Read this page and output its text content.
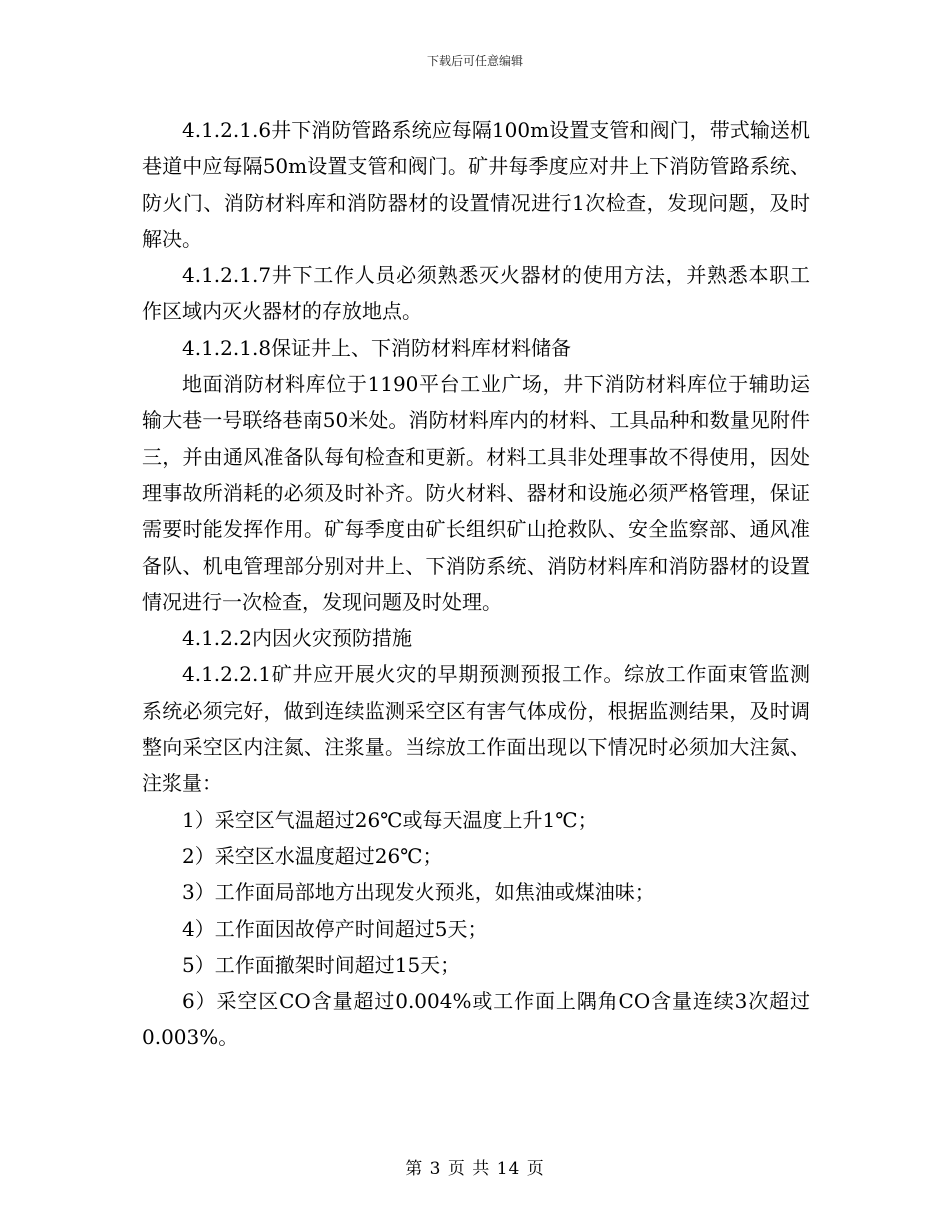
下载后可任意编辑

4.1.2.1.6井下消防管路系统应每隔100m设置支管和阀门，带式输送机巷道中应每隔50m设置支管和阀门。矿井每季度应对井上下消防管路系统、防火门、消防材料库和消防器材的设置情况进行1次检查，发现问题，及时解决。

4.1.2.1.7井下工作人员必须熟悉灭火器材的使用方法，并熟悉本职工作区域内灭火器材的存放地点。

4.1.2.1.8保证井上、下消防材料库材料储备

地面消防材料库位于1190平台工业广场，井下消防材料库位于辅助运输大巷一号联络巷南50米处。消防材料库内的材料、工具品种和数量见附件三，并由通风准备队每旬检查和更新。材料工具非处理事故不得使用，因处理事故所消耗的必须及时补齐。防火材料、器材和设施必须严格管理，保证需要时能发挥作用。矿每季度由矿长组织矿山抢救队、安全监察部、通风准备队、机电管理部分别对井上、下消防系统、消防材料库和消防器材的设置情况进行一次检查，发现问题及时处理。

4.1.2.2内因火灾预防措施

4.1.2.2.1矿井应开展火灾的早期预测预报工作。综放工作面束管监测系统必须完好，做到连续监测采空区有害气体成份，根据监测结果，及时调整向采空区内注氮、注浆量。当综放工作面出现以下情况时必须加大注氮、注浆量：

1）采空区气温超过26℃或每天温度上升1℃；

2）采空区水温度超过26℃；

3）工作面局部地方出现发火预兆，如焦油或煤油味；

4）工作面因故停产时间超过5天；

5）工作面撤架时间超过15天；

6）采空区CO含量超过0.004%或工作面上隅角CO含量连续3次超过0.003%。

第 3 页 共 14 页
